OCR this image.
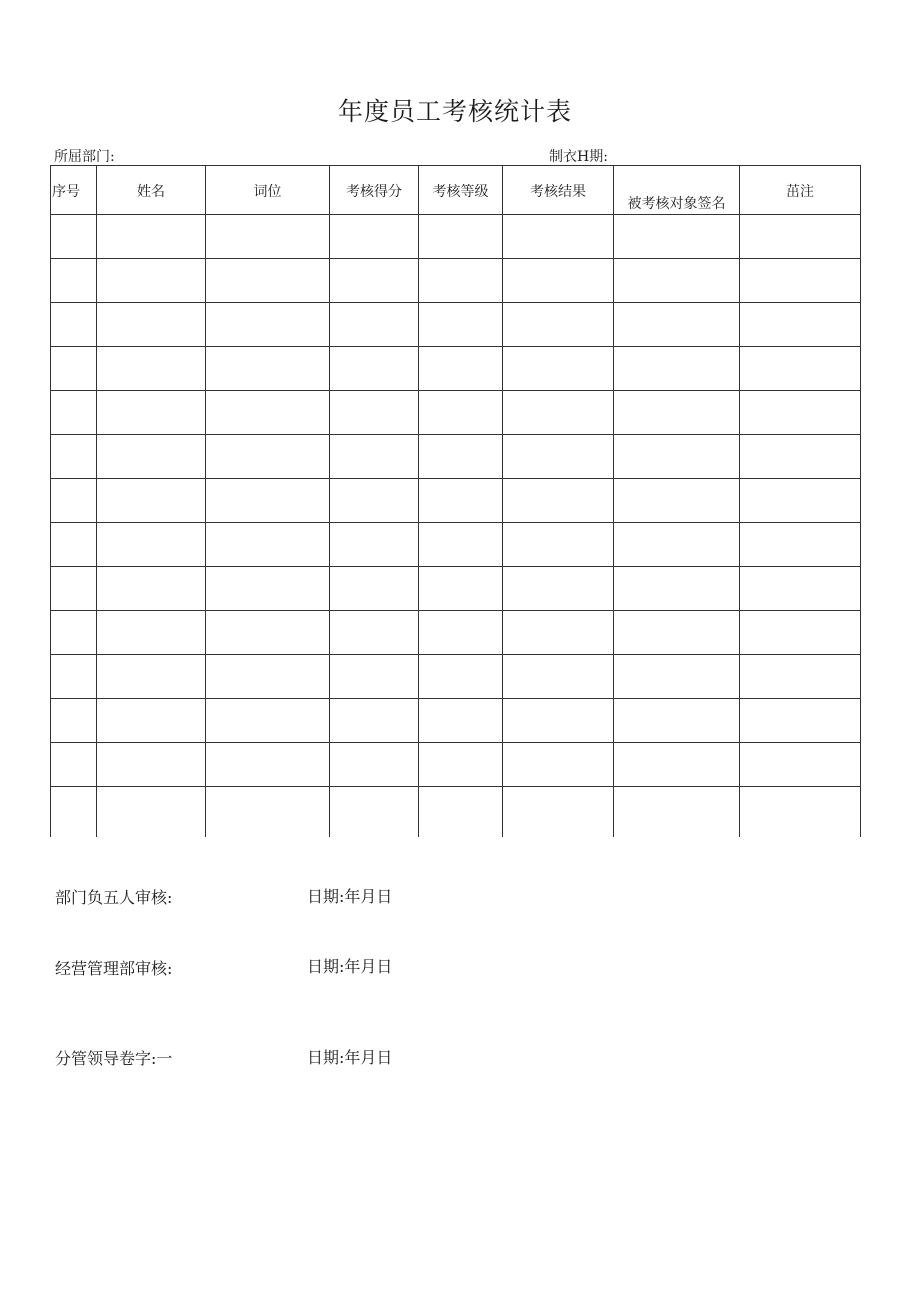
年度员工考核统计表
所屈部门:	制衣H期:
序号	姓名	词位	考核得分	考核等级	考核结果	被考核对象签名	茁注

部门负五人审核:	日期:年月日
经营管理部审核:	日期:年月日
分管领导卷字:一	日期:年月日
